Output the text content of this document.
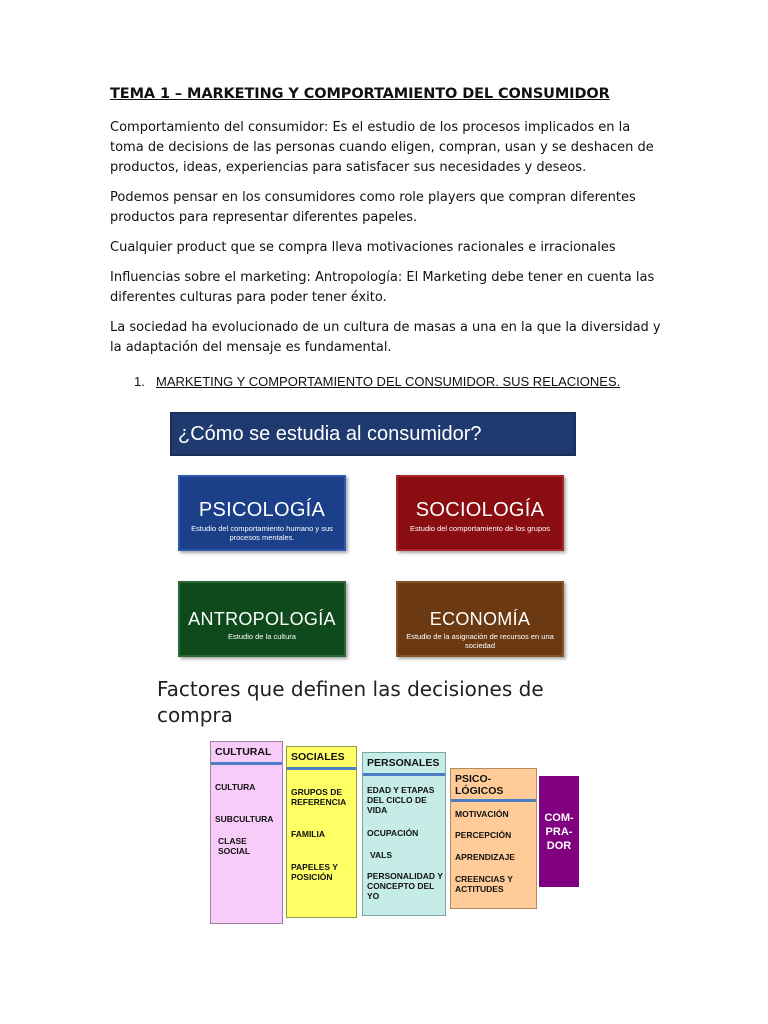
TEMA 1 – MARKETING Y COMPORTAMIENTO DEL CONSUMIDOR

Comportamiento del consumidor: Es el estudio de los procesos implicados en la toma de decisions de las personas cuando eligen, compran, usan y se deshacen de productos, ideas, experiencias para satisfacer sus necesidades y deseos.

Podemos pensar en los consumidores como role players que compran diferentes productos para representar diferentes papeles.

Cualquier product que se compra lleva motivaciones racionales e irracionales

Influencias sobre el marketing: Antropología: El Marketing debe tener en cuenta las diferentes culturas para poder tener éxito.

La sociedad ha evolucionado de un cultura de masas a una en la que la diversidad y la adaptación del mensaje es fundamental.

1. MARKETING Y COMPORTAMIENTO DEL CONSUMIDOR. SUS RELACIONES.
¿Cómo se estudia al consumidor?
PSICOLOGÍA
Estudio del comportamiento humano y sus procesos mentales.
SOCIOLOGÍA
Estudio del comportamiento de los grupos
ANTROPOLOGÍA
Estudio de la cultura
ECONOMÍA
Estudio de la asignación de recursos en una sociedad
Factores que definen las decisiones de compra
CULTURAL
CULTURA
SUBCULTURA
CLASE SOCIAL
SOCIALES
GRUPOS DE REFERENCIA
FAMILIA
PAPELES Y POSICIÓN
PERSONALES
EDAD Y ETAPAS DEL CICLO DE VIDA
OCUPACIÓN
VALS
PERSONALIDAD Y CONCEPTO DEL YO
PSICO-
LÓGICOS
MOTIVACIÓN
PERCEPCIÓN
APRENDIZAJE
CREENCIAS Y ACTITUDES
COM-
PRA-
DOR
